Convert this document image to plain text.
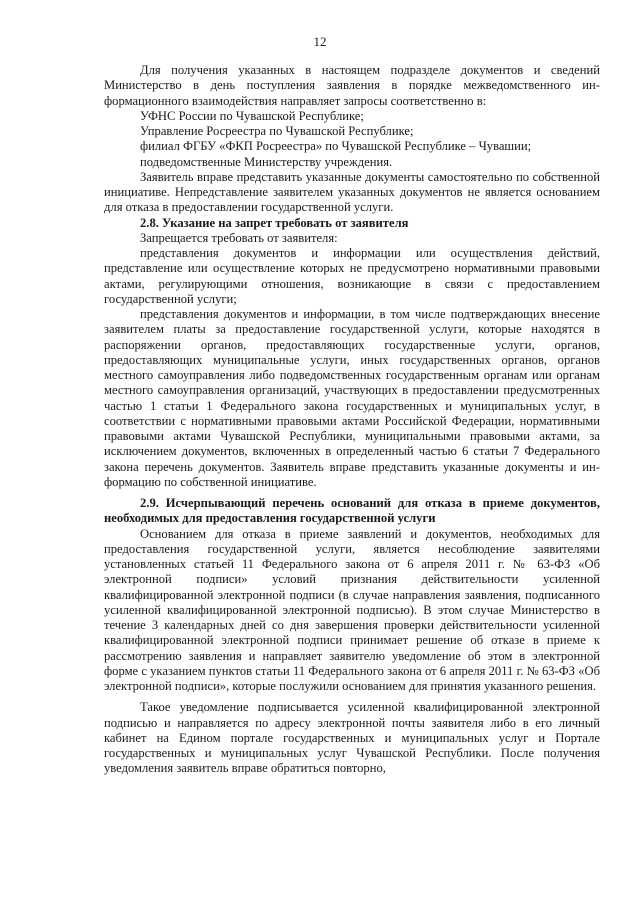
12

Для получения указанных в настоящем подразделе документов и сведений Министерство в день поступления заявления в порядке межведомственного информационного взаимодействия направляет запросы соответственно в:

УФНС России по Чувашской Республике;

Управление Росреестра по Чувашской Республике;

филиал ФГБУ «ФКП Росреестра» по Чувашской Республике – Чувашии;

подведомственные Министерству учреждения.

Заявитель вправе представить указанные документы самостоятельно по собственной инициативе. Непредставление заявителем указанных документов не является основанием для отказа в предоставлении государственной услуги.

2.8. Указание на запрет требовать от заявителя

Запрещается требовать от заявителя:

представления документов и информации или осуществления действий, представление или осуществление которых не предусмотрено нормативными правовыми актами, регулирующими отношения, возникающие в связи с предоставлением государственной услуги;

представления документов и информации, в том числе подтверждающих внесение заявителем платы за предоставление государственной услуги, которые находятся в распоряжении органов, предоставляющих государственные услуги, органов, предоставляющих муниципальные услуги, иных государственных органов, органов местного самоуправления либо подведомственных государственным органам или органам местного самоуправления организаций, участвующих в предоставлении предусмотренных частью 1 статьи 1 Федерального закона государственных и муниципальных услуг, в соответствии с нормативными правовыми актами Российской Федерации, нормативными правовыми актами Чувашской Республики, муниципальными правовыми актами, за исключением документов, включенных в определенный частью 6 статьи 7 Федерального закона перечень документов. Заявитель вправе представить указанные документы и информацию по собственной инициативе.

2.9. Исчерпывающий перечень оснований для отказа в приеме документов, необходимых для предоставления государственной услуги

Основанием для отказа в приеме заявлений и документов, необходимых для предоставления государственной услуги, является несоблюдение заявителями установленных статьей 11 Федерального закона от 6 апреля 2011 г. № 63-ФЗ «Об электронной подписи» условий признания действительности усиленной квалифицированной электронной подписи (в случае направления заявления, подписанного усиленной квалифицированной электронной подписью). В этом случае Министерство в течение 3 календарных дней со дня завершения проверки действительности усиленной квалифицированной электронной подписи принимает решение об отказе в приеме к рассмотрению заявления и направляет заявителю уведомление об этом в электронной форме с указанием пунктов статьи 11 Федерального закона от 6 апреля 2011 г. № 63-ФЗ «Об электронной подписи», которые послужили основанием для принятия указанного решения.

Такое уведомление подписывается усиленной квалифицированной электронной подписью и направляется по адресу электронной почты заявителя либо в его личный кабинет на Едином портале государственных и муниципальных услуг и Портале государственных и муниципальных услуг Чувашской Республики. После получения уведомления заявитель вправе обратиться повторно,
